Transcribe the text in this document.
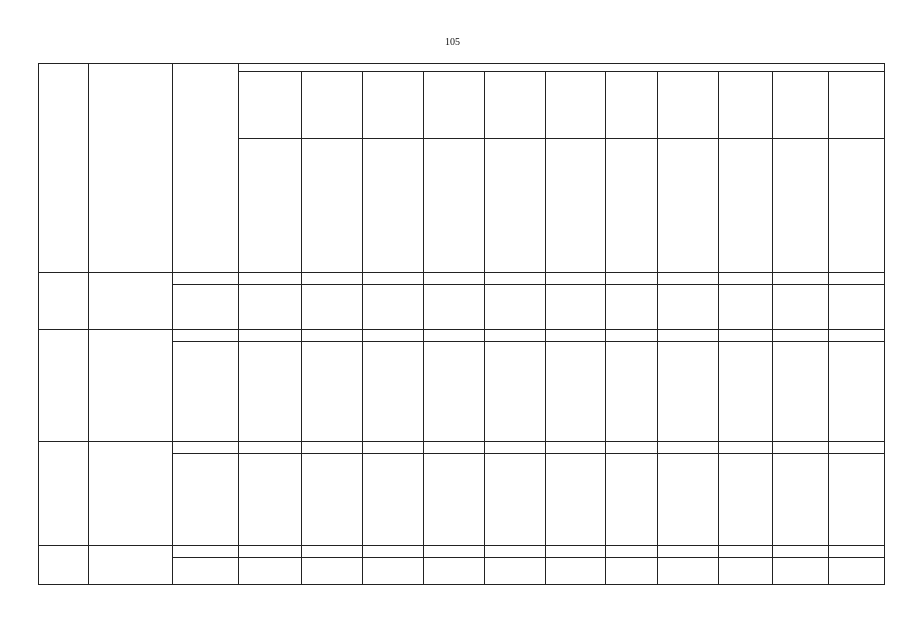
105
